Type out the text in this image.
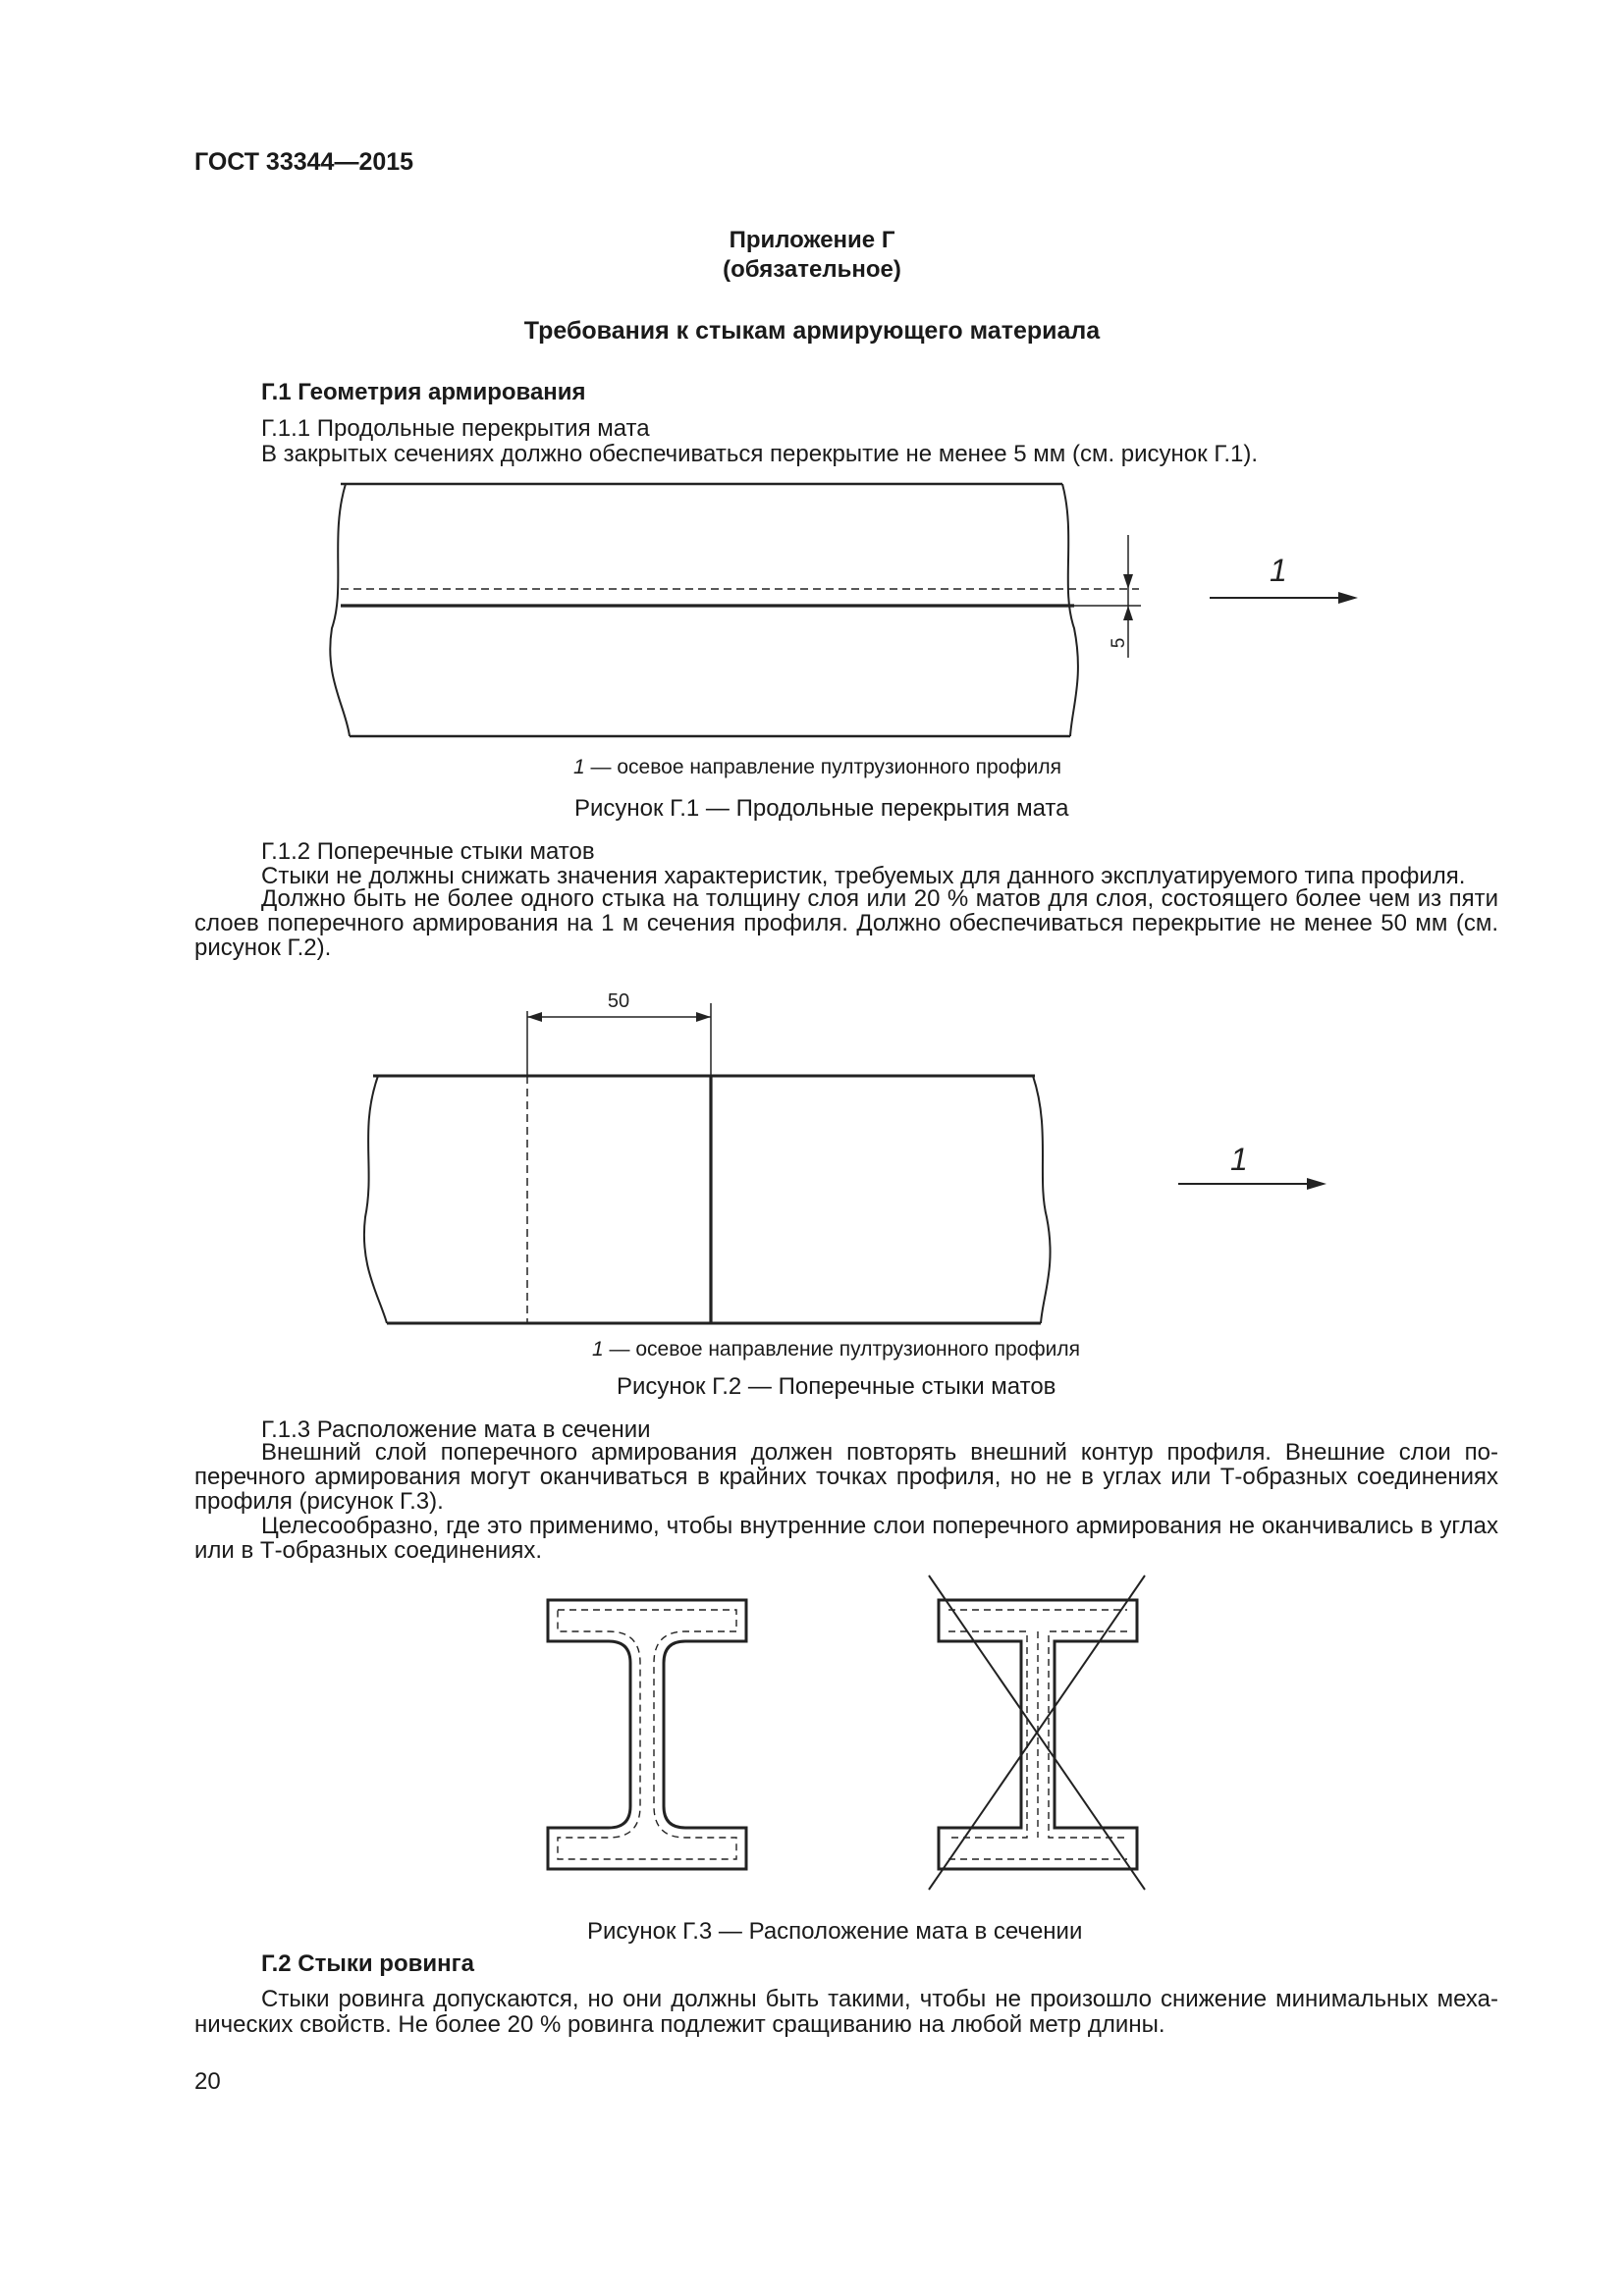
ГОСТ 33344—2015
Приложение Г
(обязательное)
Требования к стыкам армирующего материала
Г.1 Геометрия армирования
Г.1.1 Продольные перекрытия мата
В закрытых сечениях должно обеспечиваться перекрытие не менее 5 мм (см. рисунок Г.1).
5
1
1 — осевое направление пултрузионного профиля
Рисунок Г.1 — Продольные перекрытия мата
Г.1.2 Поперечные стыки матов
Стыки не должны снижать значения характеристик, требуемых для данного эксплуатируемого типа профиля.
Должно быть не более одного стыка на толщину слоя или 20 % матов для слоя, состоящего более чем из пяти слоев поперечного армирования на 1 м сечения профиля. Должно обеспечиваться перекрытие не менее 50 мм (см. рисунок Г.2).
50
1
1 — осевое направление пултрузионного профиля
Рисунок Г.2 — Поперечные стыки матов
Г.1.3 Расположение мата в сечении
Внешний слой поперечного армирования должен повторять внешний контур профиля. Внешние слои поперечного армирования могут оканчиваться в крайних точках профиля, но не в углах или Т-образных соединениях профиля (рисунок Г.3).
Целесообразно, где это применимо, чтобы внутренние слои поперечного армирования не оканчивались в углах или в Т-образных соединениях.
Рисунок Г.3 — Расположение мата в сечении
Г.2 Стыки ровинга
Стыки ровинга допускаются, но они должны быть такими, чтобы не произошло снижение минимальных механических свойств. Не более 20 % ровинга подлежит сращиванию на любой метр длины.
20
